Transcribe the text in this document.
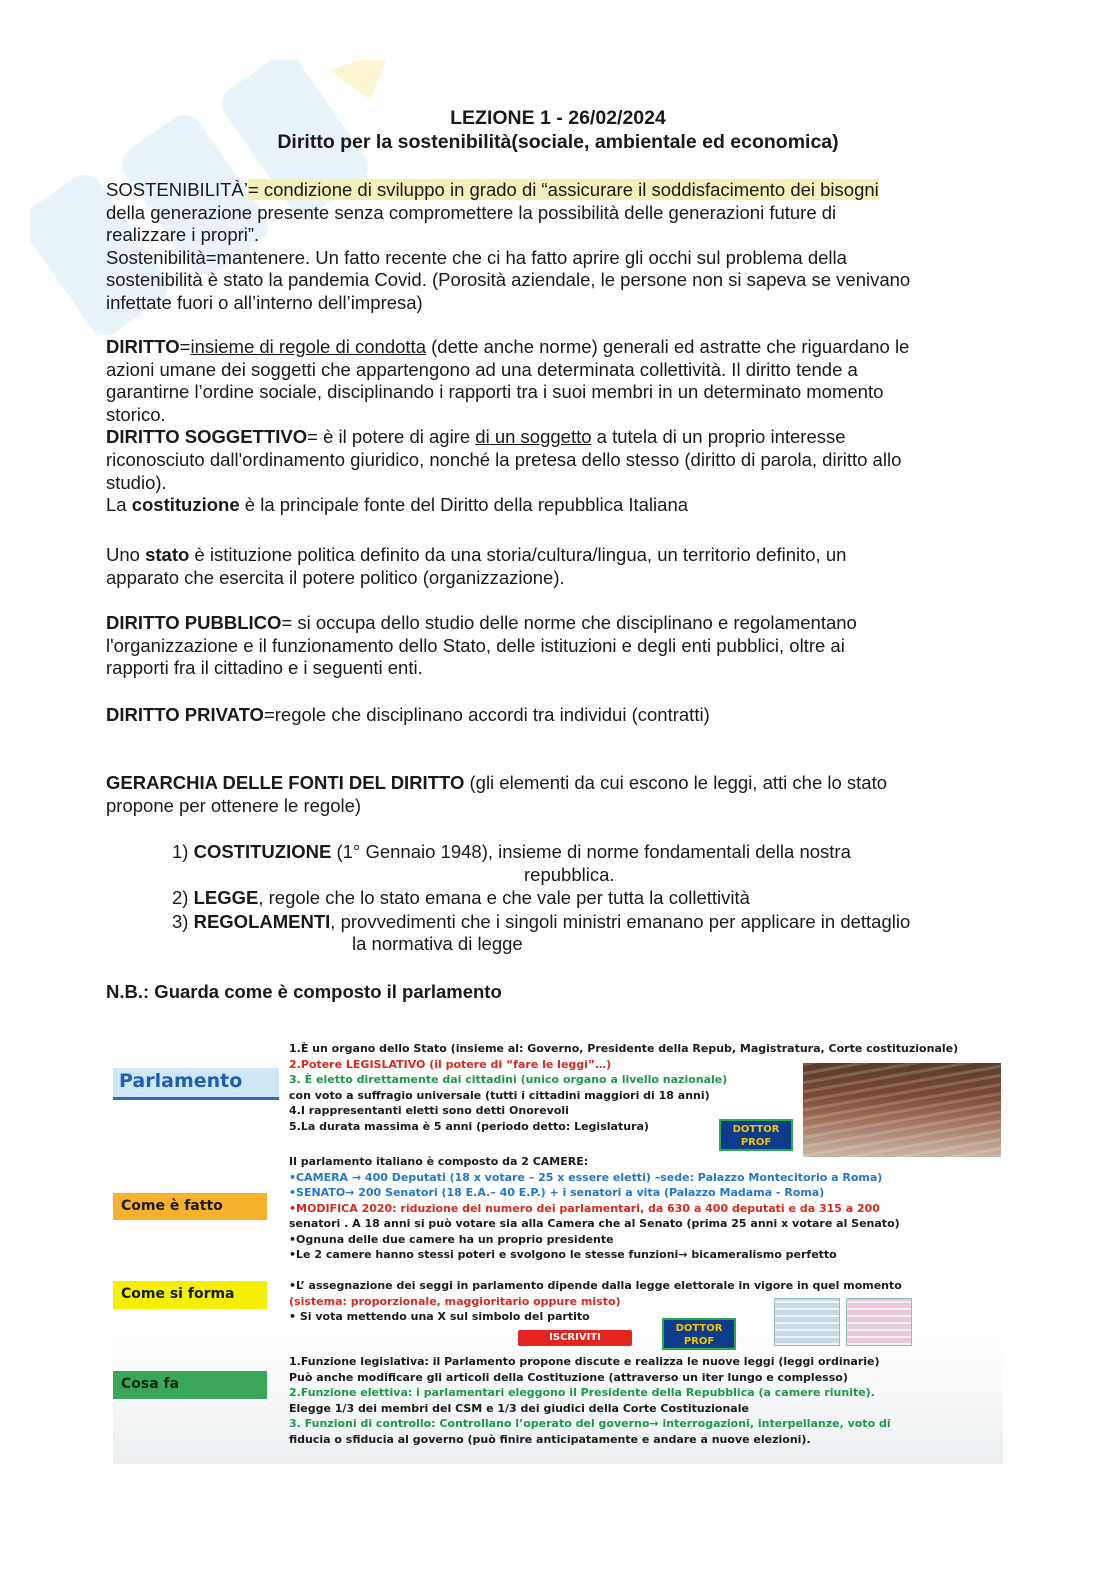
LEZIONE 1 - 26/02/2024
Diritto per la sostenibilità(sociale, ambientale ed economica)
SOSTENIBILITÀ’= condizione di sviluppo in grado di “assicurare il soddisfacimento dei bisogni
della generazione presente senza compromettere la possibilità delle generazioni future di
realizzare i propri”.
Sostenibilità=mantenere. Un fatto recente che ci ha fatto aprire gli occhi sul problema della
sostenibilità è stato la pandemia Covid. (Porosità aziendale, le persone non si sapeva se venivano
infettate fuori o all’interno dell’impresa)
DIRITTO=insieme di regole di condotta (dette anche norme) generali ed astratte che riguardano le
azioni umane dei soggetti che appartengono ad una determinata collettività. Il diritto tende a
garantirne l’ordine sociale, disciplinando i rapporti tra i suoi membri in un determinato momento
storico.
DIRITTO SOGGETTIVO= è il potere di agire di un soggetto a tutela di un proprio interesse
riconosciuto dall'ordinamento giuridico, nonché la pretesa dello stesso (diritto di parola, diritto allo
studio).
La costituzione è la principale fonte del Diritto della repubblica Italiana
Uno stato è istituzione politica definito da una storia/cultura/lingua, un territorio definito, un
apparato che esercita il potere politico (organizzazione).
DIRITTO PUBBLICO= si occupa dello studio delle norme che disciplinano e regolamentano
l'organizzazione e il funzionamento dello Stato, delle istituzioni e degli enti pubblici, oltre ai
rapporti fra il cittadino e i seguenti enti.
DIRITTO PRIVATO=regole che disciplinano accordi tra individui (contratti)
GERARCHIA DELLE FONTI DEL DIRITTO (gli elementi da cui escono le leggi, atti che lo stato
propone per ottenere le regole)
1) COSTITUZIONE (1° Gennaio 1948), insieme di norme fondamentali della nostra
repubblica.
2) LEGGE, regole che lo stato emana e che vale per tutta la collettività
3) REGOLAMENTI, provvedimenti che i singoli ministri emanano per applicare in dettaglio
la normativa di legge
N.B.: Guarda come è composto il parlamento
Parlamento
Come è fatto
Come si forma
Cosa fa
1.È un organo dello Stato (insieme al: Governo, Presidente della Repub, Magistratura, Corte costituzionale)
2.Potere LEGISLATIVO (il potere di “fare le leggi”…)
3. È eletto direttamente dai cittadini (unico organo a livello nazionale)
con voto a suffragio universale (tutti i cittadini maggiori di 18 anni)
4.I rappresentanti eletti sono detti Onorevoli
5.La durata massima è 5 anni (periodo detto: Legislatura)	DOTTOR PROF
Il parlamento italiano è composto da 2 CAMERE:
•CAMERA → 400 Deputati (18 x votare – 25 x essere eletti) –sede: Palazzo Montecitorio a Roma)
•SENATO→ 200 Senatori (18 E.A.– 40 E.P.) + i senatori a vita (Palazzo Madama - Roma)
•MODIFICA 2020: riduzione del numero dei parlamentari, da 630 a 400 deputati e da 315 a 200
senatori . A 18 anni si può votare sia alla Camera che al Senato (prima 25 anni x votare al Senato)
•Ognuna delle due camere ha un proprio presidente
•Le 2 camere hanno stessi poteri e svolgono le stesse funzioni→ bicameralismo perfetto
•L’ assegnazione dei seggi in parlamento dipende dalla legge elettorale in vigore in quel momento
(sistema: proporzionale, maggioritario oppure misto)
• Si vota mettendo una X sul simbolo del partito
ISCRIVITI
DOTTOR PROF
1.Funzione legislativa: il Parlamento propone discute e realizza le nuove leggi (leggi ordinarie)
Può anche modificare gli articoli della Costituzione (attraverso un iter lungo e complesso)
2.Funzione elettiva: i parlamentari eleggono il Presidente della Repubblica (a camere riunite).
Elegge 1/3 dei membri del CSM e 1/3 dei giudici della Corte Costituzionale
3. Funzioni di controllo: Controllano l’operato del governo→ interrogazioni, interpellanze, voto di
fiducia o sfiducia al governo (può finire anticipatamente e andare a nuove elezioni).
